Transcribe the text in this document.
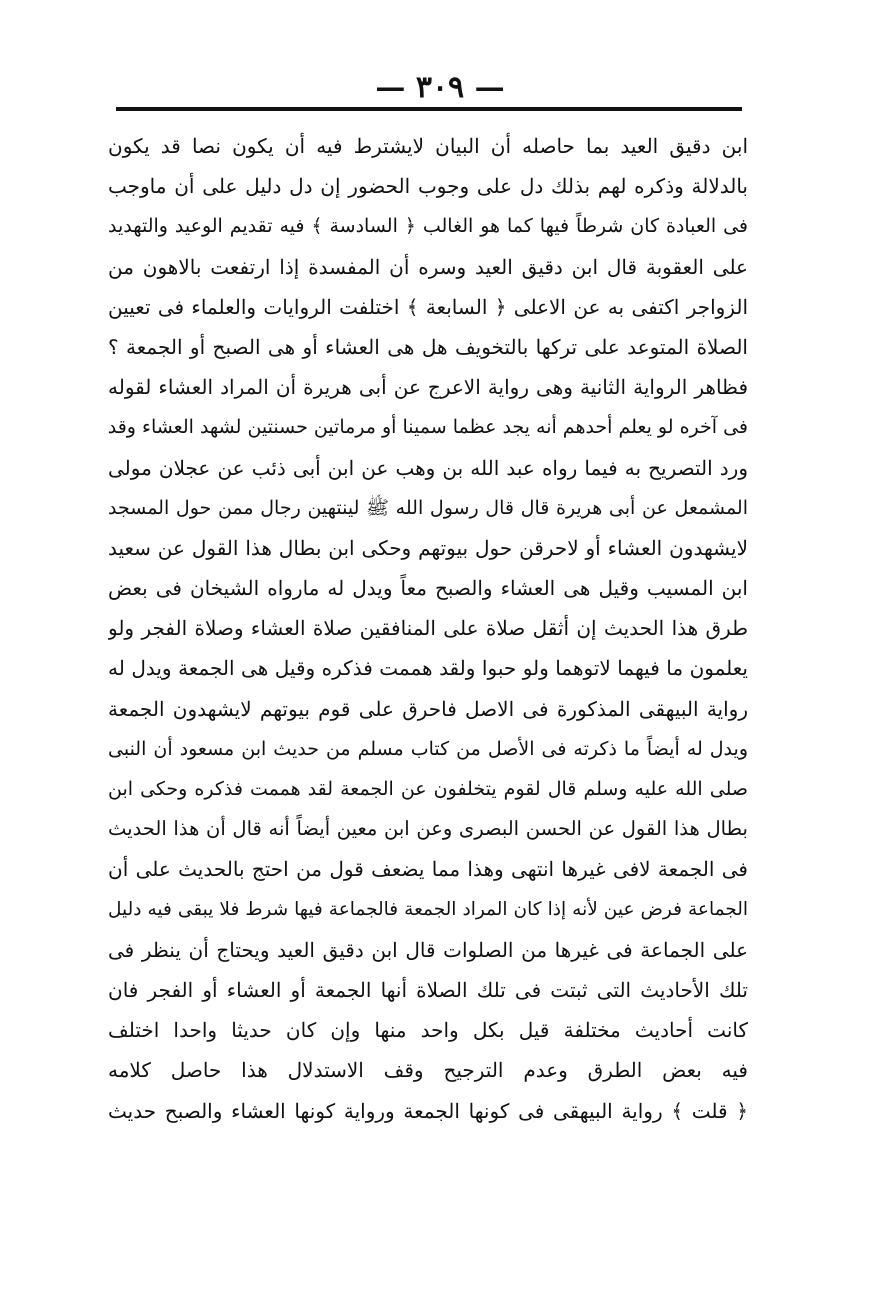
— ٣٠٩ —
ابن دقيق العيد بما حاصله أن البيان لايشترط فيه أن يكون نصا قد يكون
بالدلالة وذكره لهم بذلك دل على وجوب الحضور إن دل دليل على أن ماوجب
فى العبادة كان شرطاً فيها كما هو الغالب ﴿ السادسة ﴾ فيه تقديم الوعيد والتهديد
على العقوبة قال ابن دقيق العيد وسره أن المفسدة إذا ارتفعت بالاهون من
الزواجر اكتفى به عن الاعلى ﴿ السابعة ﴾ اختلفت الروايات والعلماء فى تعيين
الصلاة المتوعد على تركها بالتخويف هل هى العشاء أو هى الصبح أو الجمعة ؟
فظاهر الرواية الثانية وهى رواية الاعرج عن أبى هريرة أن المراد العشاء لقوله
فى آخره لو يعلم أحدهم أنه يجد عظما سمينا أو مرماتين حسنتين لشهد العشاء وقد
ورد التصريح به فيما رواه عبد الله بن وهب عن ابن أبى ذئب عن عجلان مولى
المشمعل عن أبى هريرة قال قال رسول الله ﷺ لينتهين رجال ممن حول المسجد
لايشهدون العشاء أو لاحرقن حول بيوتهم وحكى ابن بطال هذا القول عن سعيد
ابن المسيب وقيل هى العشاء والصبح معاً ويدل له مارواه الشيخان فى بعض
طرق هذا الحديث إن أثقل صلاة على المنافقين صلاة العشاء وصلاة الفجر ولو
يعلمون ما فيهما لاتوهما ولو حبوا ولقد هممت فذكره وقيل هى الجمعة ويدل له
رواية البيهقى المذكورة فى الاصل فاحرق على قوم بيوتهم لايشهدون الجمعة
ويدل له أيضاً ما ذكرته فى الأصل من كتاب مسلم من حديث ابن مسعود أن النبى
صلى الله عليه وسلم قال لقوم يتخلفون عن الجمعة لقد هممت فذكره وحكى ابن
بطال هذا القول عن الحسن البصرى وعن ابن معين أيضاً أنه قال أن هذا الحديث
فى الجمعة لافى غيرها انتهى وهذا مما يضعف قول من احتج بالحديث على أن
الجماعة فرض عين لأنه إذا كان المراد الجمعة فالجماعة فيها شرط فلا يبقى فيه دليل
على الجماعة فى غيرها من الصلوات قال ابن دقيق العيد ويحتاج أن ينظر فى
تلك الأحاديث التى ثبتت فى تلك الصلاة أنها الجمعة أو العشاء أو الفجر فان
كانت أحاديث مختلفة قيل بكل واحد منها وإن كان حديثا واحدا اختلف
فيه بعض الطرق وعدم الترجيح وقف الاستدلال هذا حاصل كلامه
﴿ قلت ﴾ رواية البيهقى فى كونها الجمعة ورواية كونها العشاء والصبح حديث
